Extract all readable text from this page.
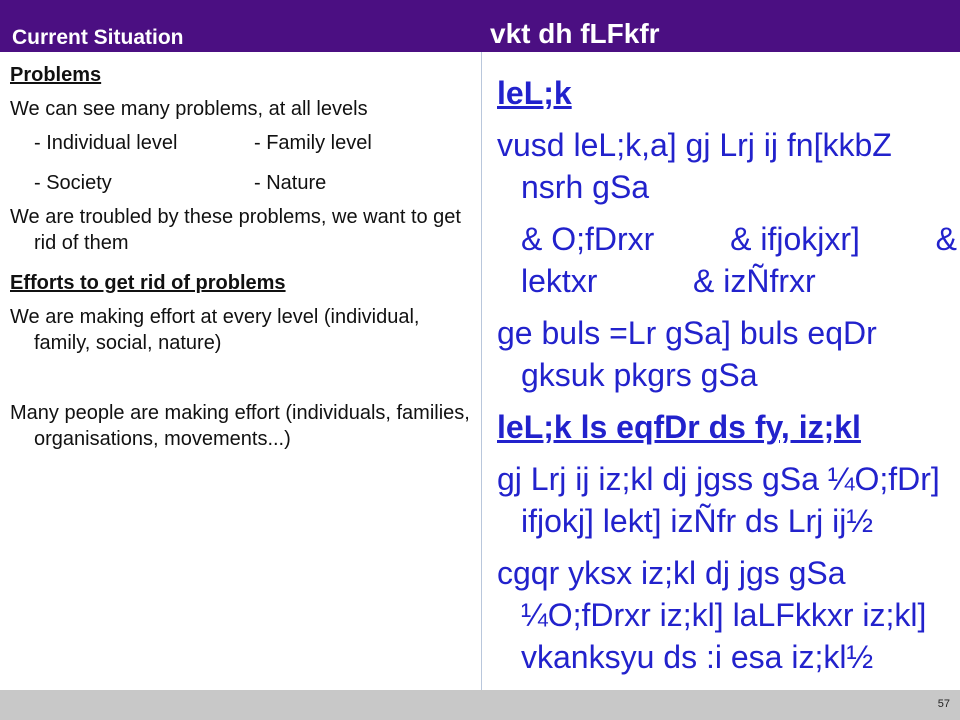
Current Situation	vkt dh fLFkfr
Problems
We can see many problems, at all levels
- Individual level	- Family level
- Society	- Nature
We are troubled by these problems, we want to get rid of them
Efforts to get rid of problems
We are making effort at every level (individual, family, social, nature)
Many people are making effort (individuals, families, organisations, movements...)
leL;k
vusd leL;k,a] gj Lrj ij fn[kkbZ nsrh gSa
& O;fDrxr & ifjokjxr] &
lektxr	& izÑfrxr
ge buls =Lr gSa] buls eqDr gksuk pkgrs gSa
leL;k ls eqfDr ds fy, iz;kl
gj Lrj ij iz;kl dj jgss gSa ¼O;fDr] ifjokj] lekt] izÑfr ds Lrj ij½
cgqr yksx iz;kl dj jgs gSa ¼O;fDrxr iz;kl] laLFkkxr iz;kl] vkanksyu ds :i esa iz;kl½
57
